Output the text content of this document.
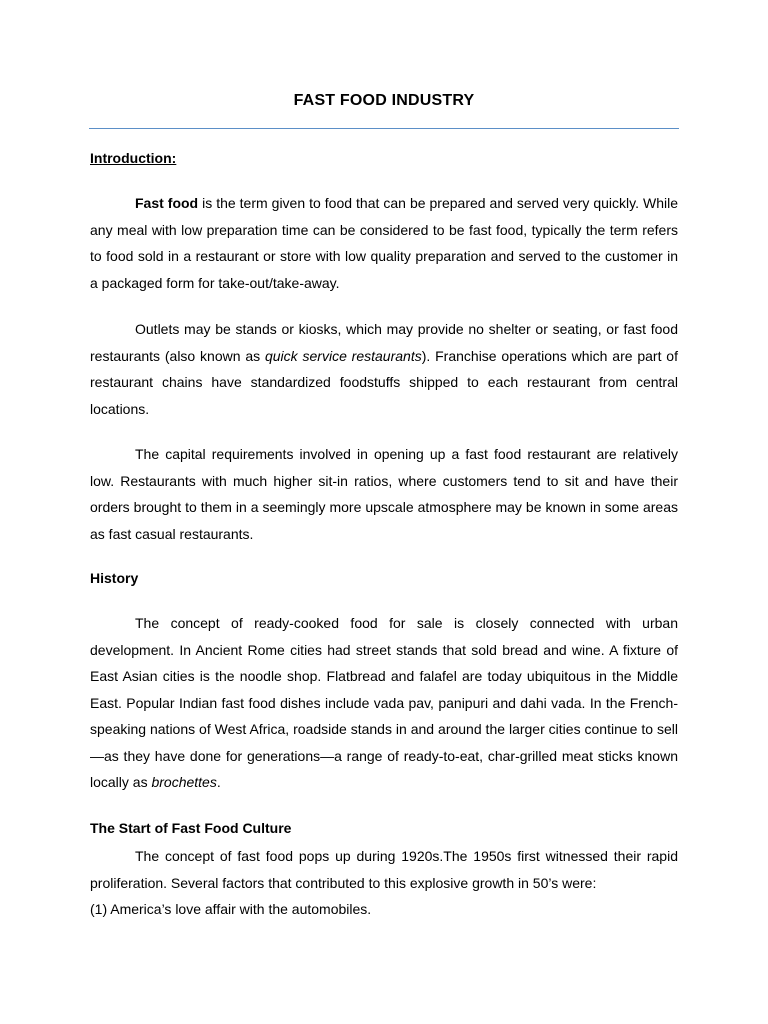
FAST FOOD INDUSTRY
Introduction:

Fast food is the term given to food that can be prepared and served very quickly. While any meal with low preparation time can be considered to be fast food, typically the term refers to food sold in a restaurant or store with low quality preparation and served to the customer in a packaged form for take-out/take-away.

Outlets may be stands or kiosks, which may provide no shelter or seating, or fast food restaurants (also known as quick service restaurants). Franchise operations which are part of restaurant chains have standardized foodstuffs shipped to each restaurant from central locations.

The capital requirements involved in opening up a fast food restaurant are relatively low. Restaurants with much higher sit-in ratios, where customers tend to sit and have their orders brought to them in a seemingly more upscale atmosphere may be known in some areas as fast casual restaurants.

History

The concept of ready-cooked food for sale is closely connected with urban development. In Ancient Rome cities had street stands that sold bread and wine. A fixture of East Asian cities is the noodle shop. Flatbread and falafel are today ubiquitous in the Middle East. Popular Indian fast food dishes include vada pav, panipuri and dahi vada. In the French-speaking nations of West Africa, roadside stands in and around the larger cities continue to sell—as they have done for generations—a range of ready-to-eat, char-grilled meat sticks known locally as brochettes.

The Start of Fast Food Culture

The concept of fast food pops up during 1920s.The 1950s first witnessed their rapid proliferation. Several factors that contributed to this explosive growth in 50’s were:

(1) America’s love affair with the automobiles.
